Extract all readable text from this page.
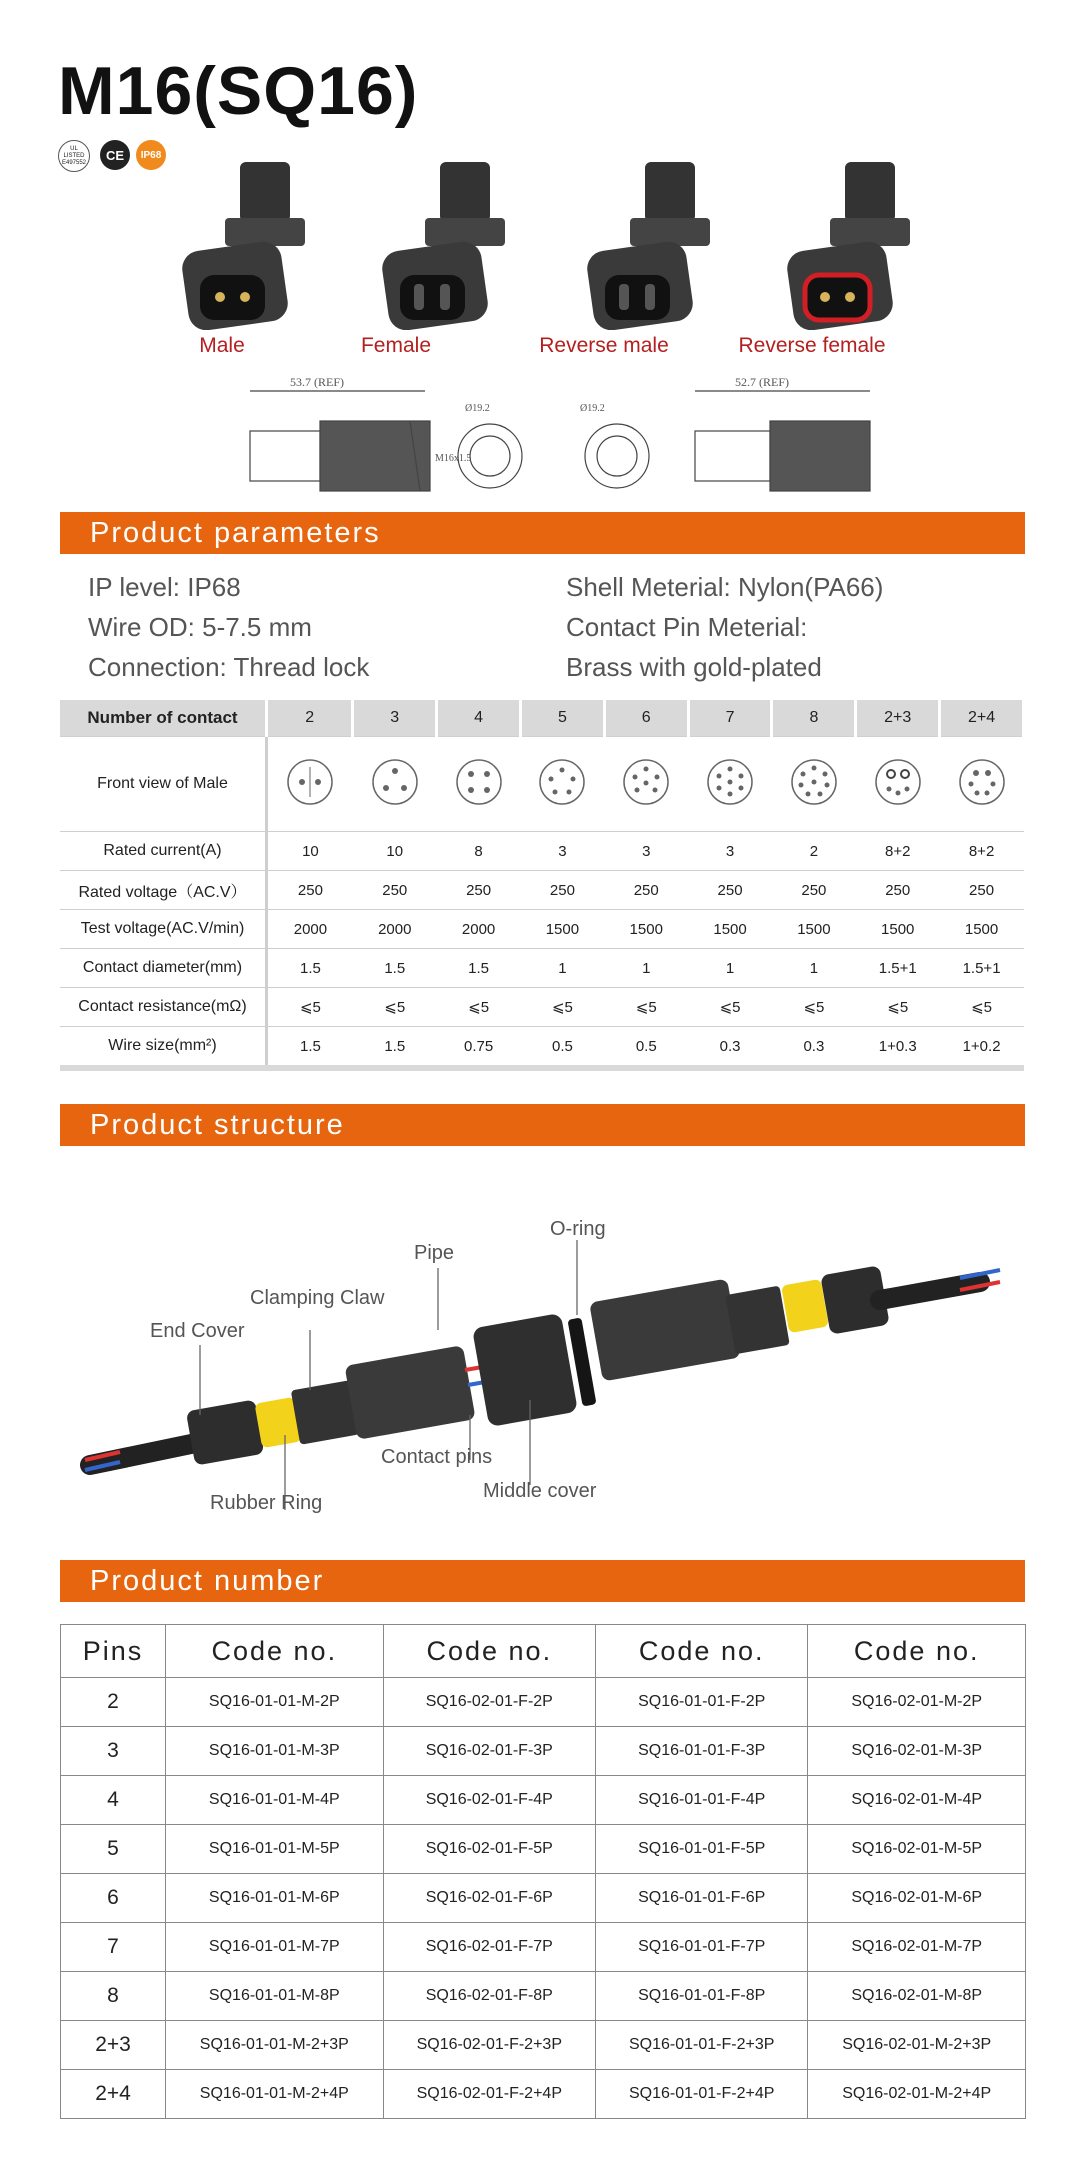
M16(SQ16)
UL LISTED E497552 CE IP68
Male	Female	Reverse male	Reverse female
53.7 (REF)	52.7 (REF)
M16x1.5
Ø19.2	Ø19.2
Product parameters
IP level: IP68
Wire OD: 5-7.5 mm
Connection: Thread lock
Shell Meterial: Nylon(PA66)
Contact Pin Meterial:
Brass with gold-plated
Number of contact	2	3	4	5	6	7	8	2+3	2+4
Front view of Male									
Rated current(A)	10	10	8	3	3	3	2	8+2	8+2
Rated voltage（AC.V）	250	250	250	250	250	250	250	250	250
Test voltage(AC.V/min)	2000	2000	2000	1500	1500	1500	1500	1500	1500
Contact diameter(mm)	1.5	1.5	1.5	1	1	1	1	1.5+1	1.5+1
Contact resistance(mΩ)	⩽5	⩽5	⩽5	⩽5	⩽5	⩽5	⩽5	⩽5	⩽5
Wire size(mm²)	1.5	1.5	0.75	0.5	0.5	0.3	0.3	1+0.3	1+0.2
Product structure
End Cover
Clamping Claw
Pipe
O-ring
Contact pins
Middle cover
Rubber Ring
Product number
Pins	Code no.	Code no.	Code no.	Code no.
2	SQ16-01-01-M-2P	SQ16-02-01-F-2P	SQ16-01-01-F-2P	SQ16-02-01-M-2P
3	SQ16-01-01-M-3P	SQ16-02-01-F-3P	SQ16-01-01-F-3P	SQ16-02-01-M-3P
4	SQ16-01-01-M-4P	SQ16-02-01-F-4P	SQ16-01-01-F-4P	SQ16-02-01-M-4P
5	SQ16-01-01-M-5P	SQ16-02-01-F-5P	SQ16-01-01-F-5P	SQ16-02-01-M-5P
6	SQ16-01-01-M-6P	SQ16-02-01-F-6P	SQ16-01-01-F-6P	SQ16-02-01-M-6P
7	SQ16-01-01-M-7P	SQ16-02-01-F-7P	SQ16-01-01-F-7P	SQ16-02-01-M-7P
8	SQ16-01-01-M-8P	SQ16-02-01-F-8P	SQ16-01-01-F-8P	SQ16-02-01-M-8P
2+3	SQ16-01-01-M-2+3P	SQ16-02-01-F-2+3P	SQ16-01-01-F-2+3P	SQ16-02-01-M-2+3P
2+4	SQ16-01-01-M-2+4P	SQ16-02-01-F-2+4P	SQ16-01-01-F-2+4P	SQ16-02-01-M-2+4P
